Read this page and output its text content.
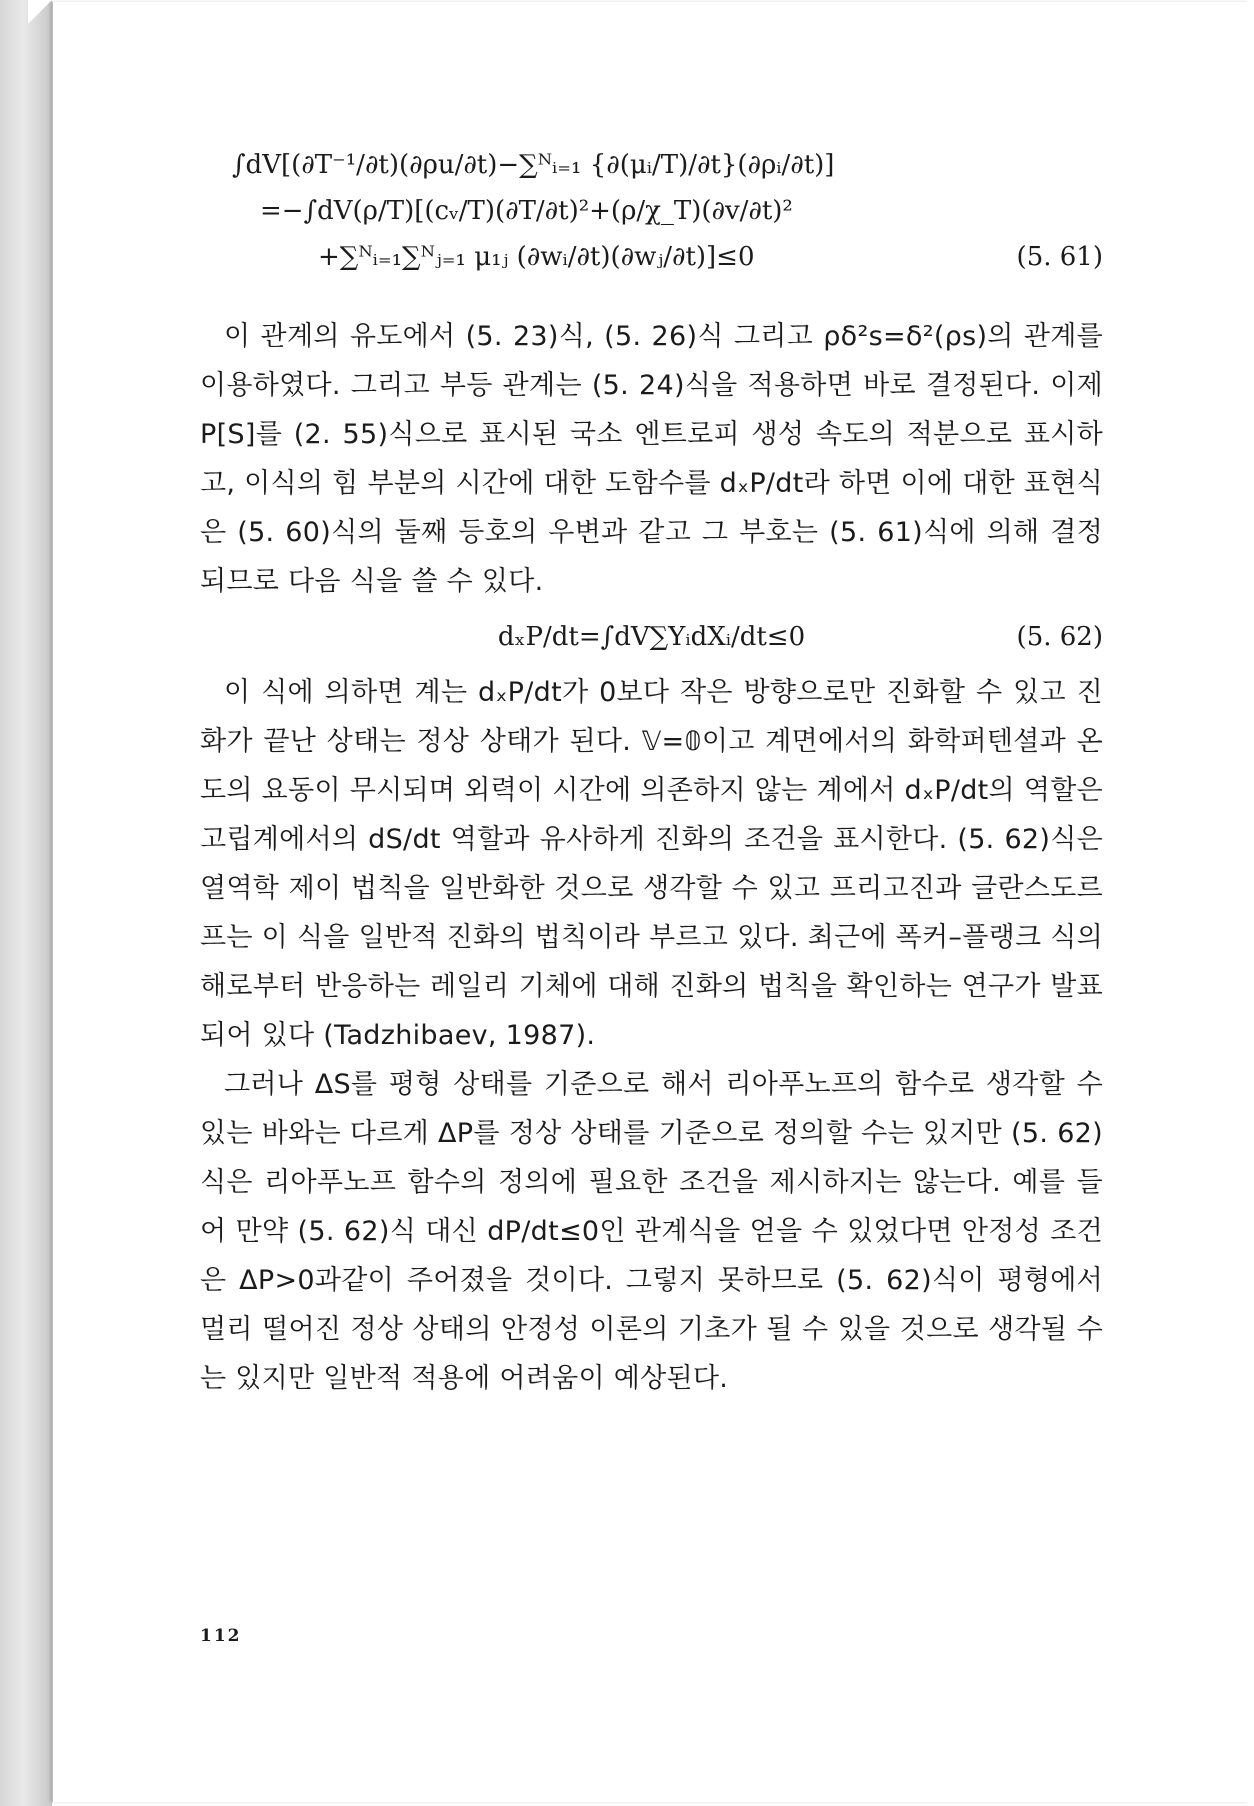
∫dV[(∂T⁻¹/∂t)(∂ρu/∂t)−∑ᴺᵢ₌₁ {∂(μᵢ/T)/∂t}(∂ρᵢ/∂t)]
=−∫dV(ρ/T)[(cᵥ/T)(∂T/∂t)²+(ρ/χ_T)(∂v/∂t)²
+∑ᴺᵢ₌₁∑ᴺⱼ₌₁ μ₁ⱼ (∂wᵢ/∂t)(∂wⱼ/∂t)]≤0	(5. 61)

이 관계의 유도에서 (5. 23)식, (5. 26)식 그리고 ρδ²s=δ²(ρs)의 관계를 이용하였다. 그리고 부등 관계는 (5. 24)식을 적용하면 바로 결정된다. 이제 P[S]를 (2. 55)식으로 표시된 국소 엔트로피 생성 속도의 적분으로 표시하고, 이식의 힘 부분의 시간에 대한 도함수를 dₓP/dt라 하면 이에 대한 표현식은 (5. 60)식의 둘째 등호의 우변과 같고 그 부호는 (5. 61)식에 의해 결정되므로 다음 식을 쓸 수 있다.

dₓP/dt=∫dV∑YᵢdXᵢ/dt≤0	(5. 62)

이 식에 의하면 계는 dₓP/dt가 0보다 작은 방향으로만 진화할 수 있고 진화가 끝난 상태는 정상 상태가 된다. 𝕍=𝟘이고 계면에서의 화학퍼텐셜과 온도의 요동이 무시되며 외력이 시간에 의존하지 않는 계에서 dₓP/dt의 역할은 고립계에서의 dS/dt 역할과 유사하게 진화의 조건을 표시한다. (5. 62)식은 열역학 제이 법칙을 일반화한 것으로 생각할 수 있고 프리고진과 글란스도르프는 이 식을 일반적 진화의 법칙이라 부르고 있다. 최근에 폭커–플랭크 식의 해로부터 반응하는 레일리 기체에 대해 진화의 법칙을 확인하는 연구가 발표되어 있다 (Tadzhibaev, 1987).

그러나 ΔS를 평형 상태를 기준으로 해서 리아푸노프의 함수로 생각할 수 있는 바와는 다르게 ΔP를 정상 상태를 기준으로 정의할 수는 있지만 (5. 62)식은 리아푸노프 함수의 정의에 필요한 조건을 제시하지는 않는다. 예를 들어 만약 (5. 62)식 대신 dP/dt≤0인 관계식을 얻을 수 있었다면 안정성 조건은 ΔP>0과같이 주어졌을 것이다. 그렇지 못하므로 (5. 62)식이 평형에서 멀리 떨어진 정상 상태의 안정성 이론의 기초가 될 수 있을 것으로 생각될 수는 있지만 일반적 적용에 어려움이 예상된다.

112
